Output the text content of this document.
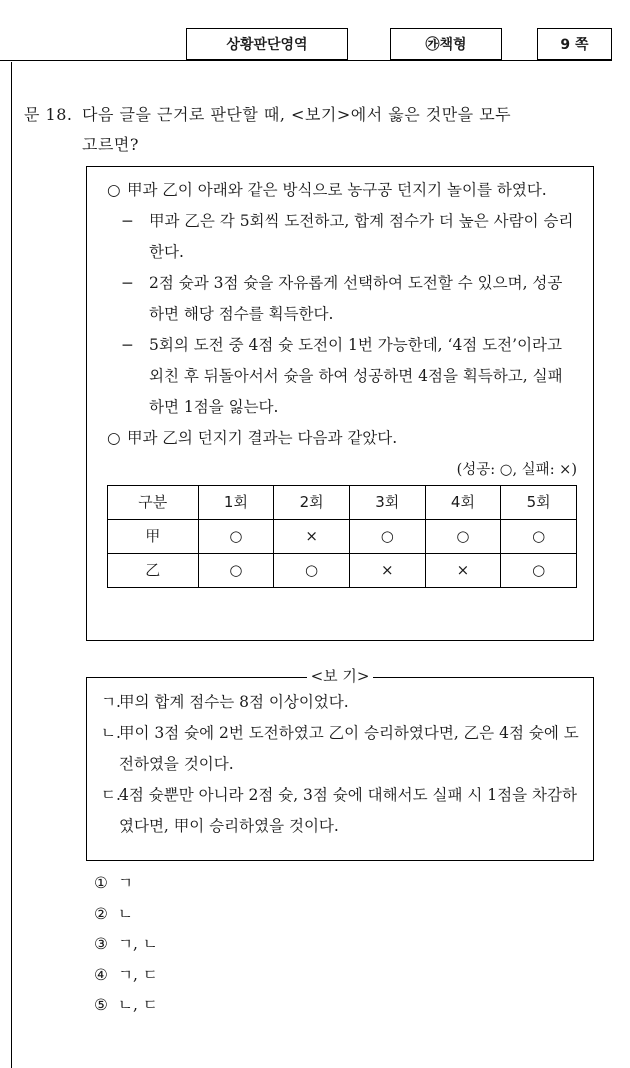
상황판단영역	㉮책형	9 쪽
문 18. 다음 글을 근거로 판단할 때, <보기>에서 옳은 것만을 모두
고르면?
○ 甲과 乙이 아래와 같은 방식으로 농구공 던지기 놀이를 하였다.
− 甲과 乙은 각 5회씩 도전하고, 합계 점수가 더 높은 사람이 승리한다.
− 2점 슛과 3점 슛을 자유롭게 선택하여 도전할 수 있으며, 성공하면 해당 점수를 획득한다.
− 5회의 도전 중 4점 슛 도전이 1번 가능한데, ‘4점 도전’이라고 외친 후 뒤돌아서서 슛을 하여 성공하면 4점을 획득하고, 실패하면 1점을 잃는다.
○ 甲과 乙의 던지기 결과는 다음과 같았다.
(성공: ○, 실패: ×)
구분	1회	2회	3회	4회	5회
甲	○	×	○	○	○
乙	○	○	×	×	○
<보 기>
ㄱ.
甲의 합계 점수는 8점 이상이었다.
ㄴ.
甲이 3점 슛에 2번 도전하였고 乙이 승리하였다면, 乙은 4점 슛에 도전하였을 것이다.
ㄷ.
4점 슛뿐만 아니라 2점 슛, 3점 슛에 대해서도 실패 시 1점을 차감하였다면, 甲이 승리하였을 것이다.
① ㄱ
② ㄴ
③ ㄱ, ㄴ
④ ㄱ, ㄷ
⑤ ㄴ, ㄷ
